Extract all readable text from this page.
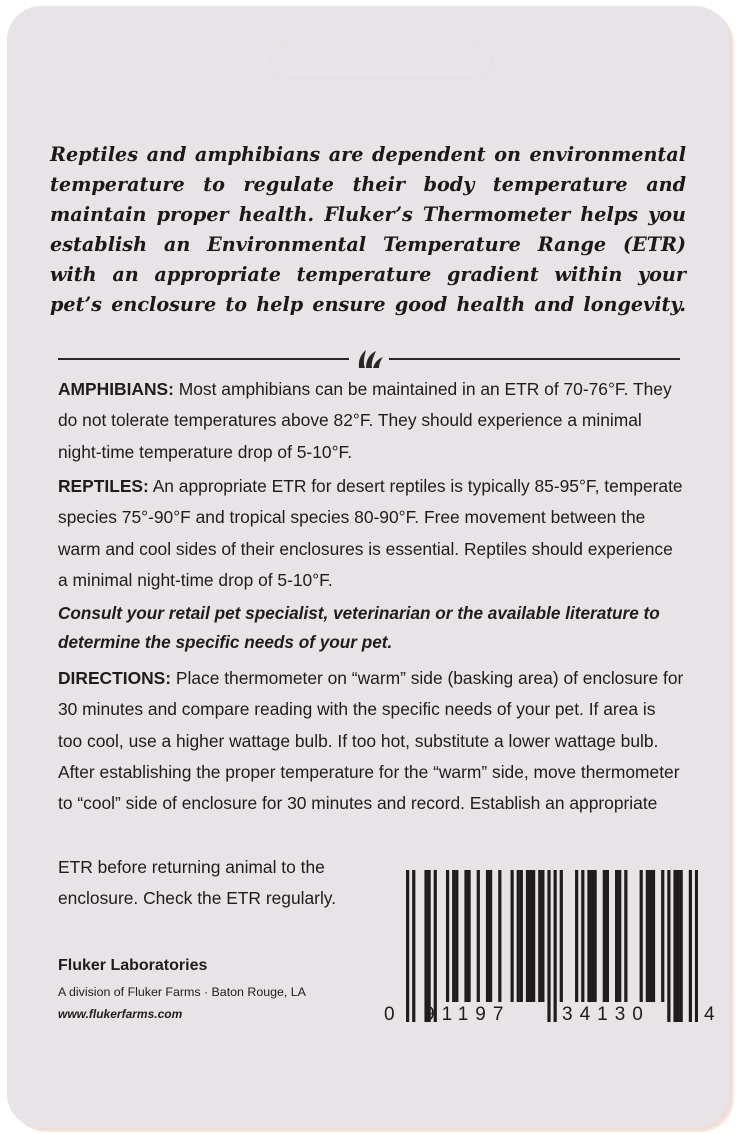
Reptiles and amphibians are dependent on environmental temperature to regulate their body temperature and maintain proper health. Fluker’s Thermometer helps you establish an Environmental Temperature Range (ETR) with an appropriate temperature gradient within your pet’s enclosure to help ensure good health and longevity.

AMPHIBIANS: Most amphibians can be maintained in an ETR of 70-76°F. They do not tolerate temperatures above 82°F. They should experience a minimal night-time temperature drop of 5-10°F.

REPTILES: An appropriate ETR for desert reptiles is typically 85-95°F, temperate species 75°-90°F and tropical species 80-90°F. Free movement between the warm and cool sides of their enclosures is essential. Reptiles should experience a minimal night-time drop of 5-10°F.

Consult your retail pet specialist, veterinarian or the available literature to determine the specific needs of your pet.

DIRECTIONS: Place thermometer on “warm” side (basking area) of enclosure for 30 minutes and compare reading with the specific needs of your pet. If area is too cool, use a higher wattage bulb. If too hot, substitute a lower wattage bulb. After establishing the proper temperature for the “warm” side, move thermometer to “cool” side of enclosure for 30 minutes and record. Establish an appropriate

ETR before returning animal to the enclosure. Check the ETR regularly.

Fluker Laboratories

A division of Fluker Farms · Baton Rouge, LA

www.flukerfarms.com	0 91197	34130	4
